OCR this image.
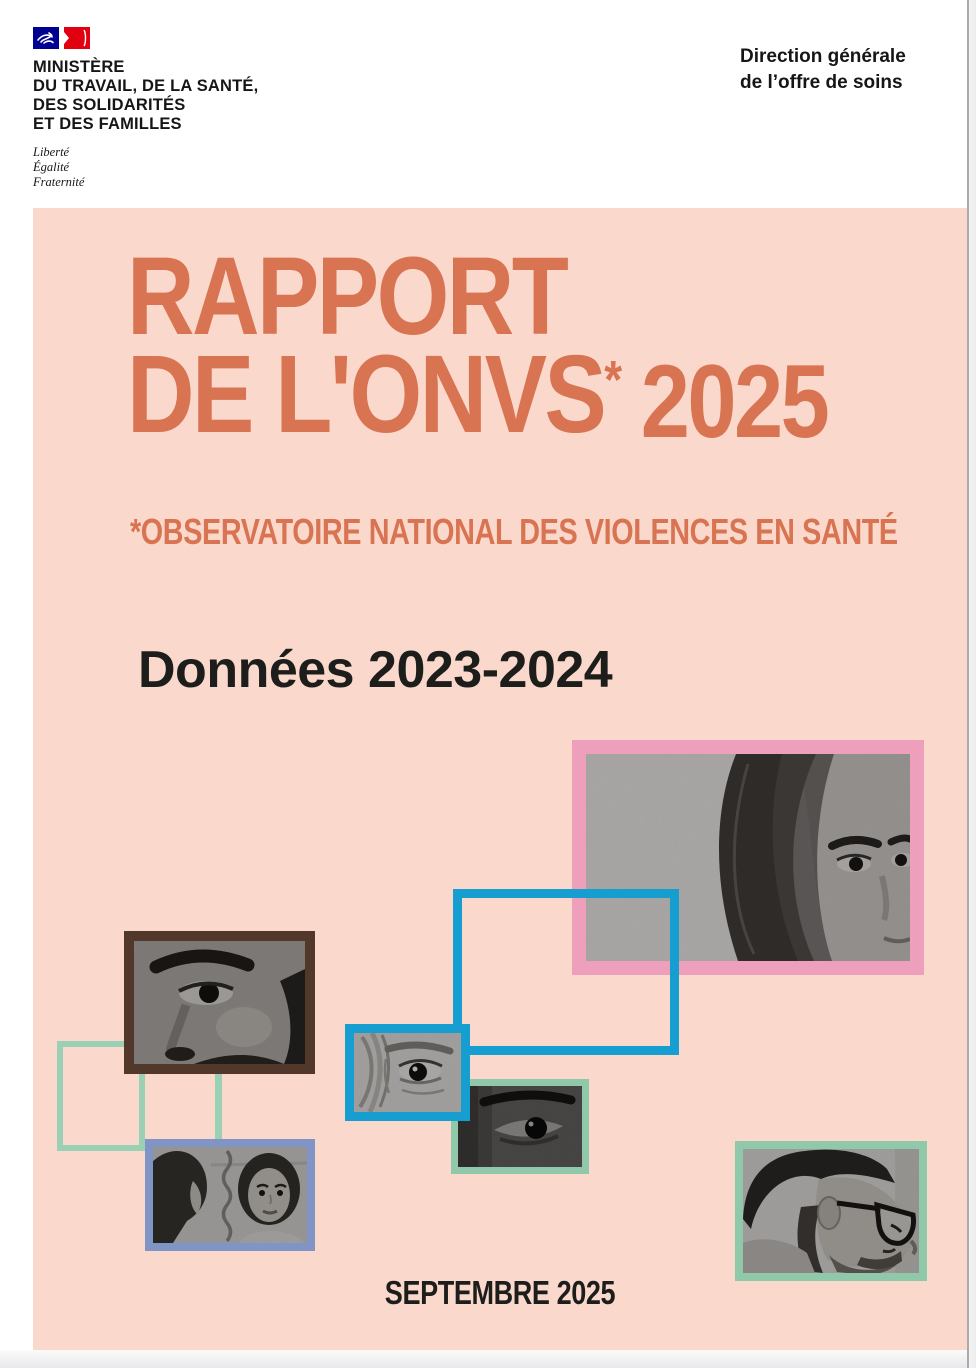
MINISTÈRE
DU TRAVAIL, DE LA SANTÉ,
DES SOLIDARITÉS
ET DES FAMILLES
Liberté
Égalité
Fraternité
Direction générale
de l’offre de soins
RAPPORT
DE L'ONVS* 2025
*OBSERVATOIRE NATIONAL DES VIOLENCES EN SANTÉ
Données 2023-2024
SEPTEMBRE 2025
